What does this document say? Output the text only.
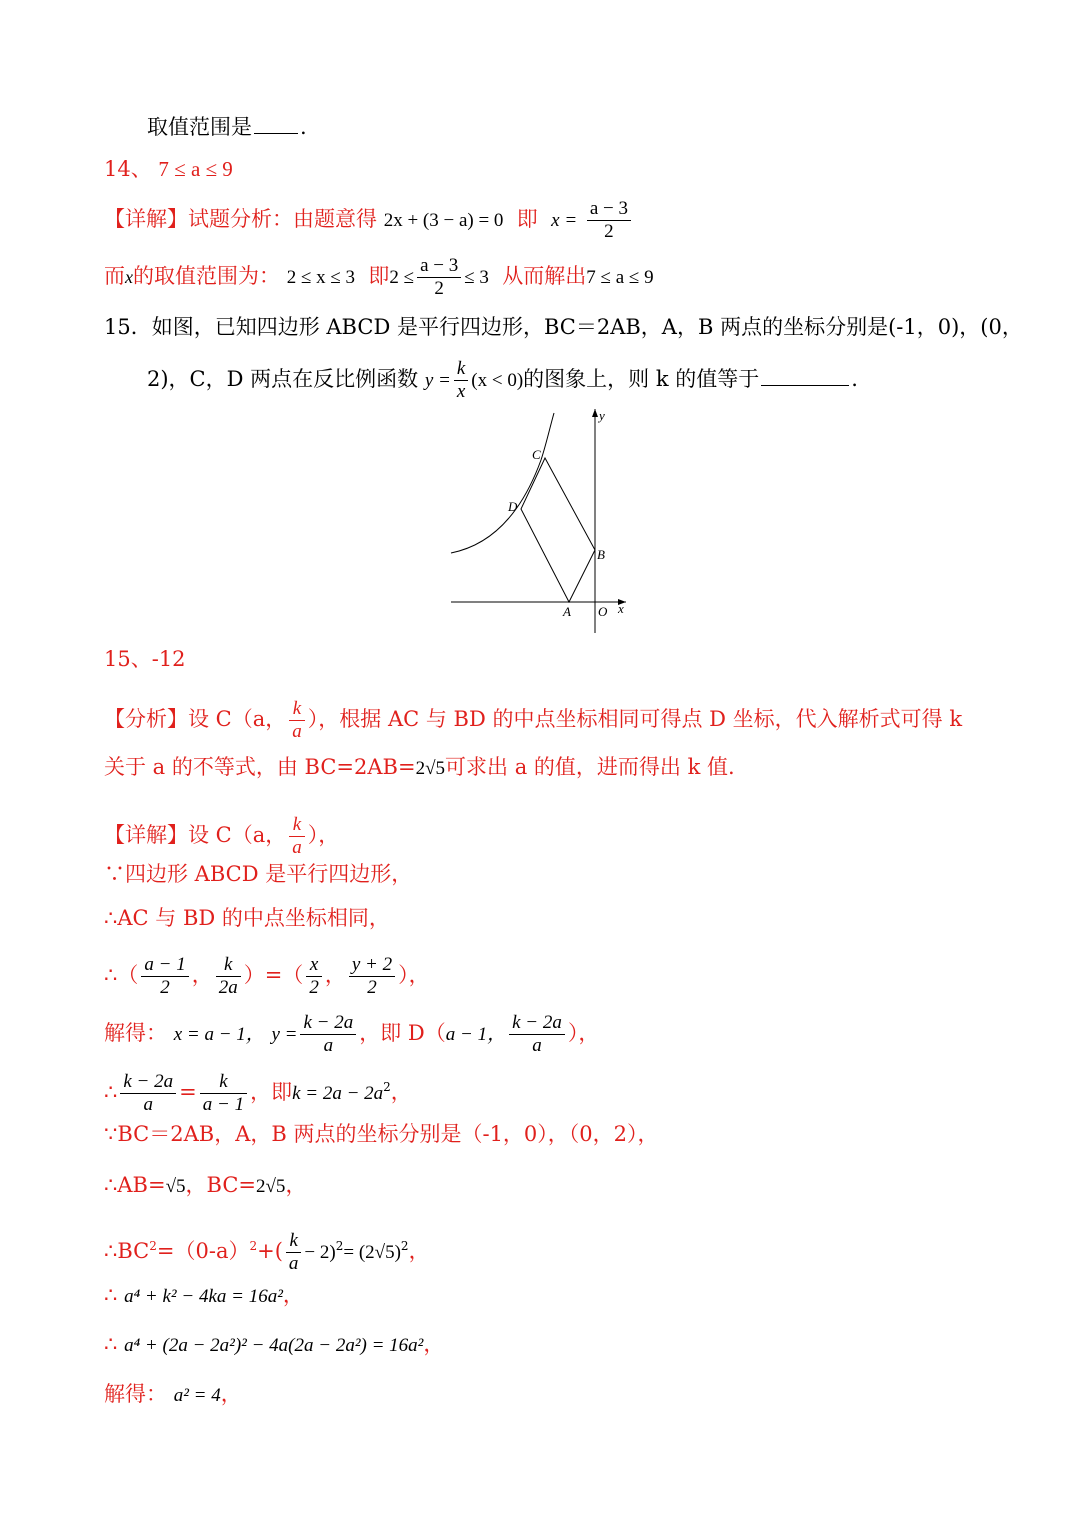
取值范围是 .
14、 7 ≤ a ≤ 9
【详解】试题分析：由题意得 2x + (3 − a) = 0 即 $x = \frac{a - 3}{2}$
而x的取值范围为： 2 ≤ x ≤ 3 即$2 \le \frac{a - 3}{2} \le 3$ 从而解出7 ≤ a ≤ 9
15．如图，已知四边形 ABCD 是平行四边形，BC＝2AB，A，B 两点的坐标分别是(-1，0)，(0，
2)，C，D 两点在反比例函数 $y = \frac{k}{x} (x < 0)$的图象上，则 k 的值等于	.
C
D
B
A O x
y
15、-12
【分析】设 C（a， $\frac{k}{a}$ ），根据 AC 与 BD 的中点坐标相同可得点 D 坐标，代入解析式可得 k
关于 a 的不等式，由 BC=2AB=2√5可求出 a 的值，进而得出 k 值.
【详解】设 C（a， $\frac{k}{a}$ ），
∵四边形 ABCD 是平行四边形，
∴AC 与 BD 的中点坐标相同，
∴（ $\frac{a - 1}{2}$ ， $\frac{k}{2a}$ ）=（ $\frac{x}{2}$ ， $\frac{y + 2}{2}$ ），
解得： x = a − 1， $y = \frac{k - 2a}{a}$ ，即 D（a − 1， $\frac{k - 2a}{a}$ ），
∴ $\frac{k - 2a}{a} = \frac{k}{a - 1}$ ，即$k = 2a - 2a^2$，
∵BC＝2AB，A，B 两点的坐标分别是（-1，0），（0，2），
∴AB=√5，BC=2√5，
$\therefore BC^2=(0-a)^2+( \frac{k}{a} - 2)^2= (2√5)^2$，
∴ a⁴ + k² − 4ka = 16a²，
∴ a⁴ + (2a − 2a²)² − 4a(2a − 2a²) = 16a²，
解得： a² = 4，
